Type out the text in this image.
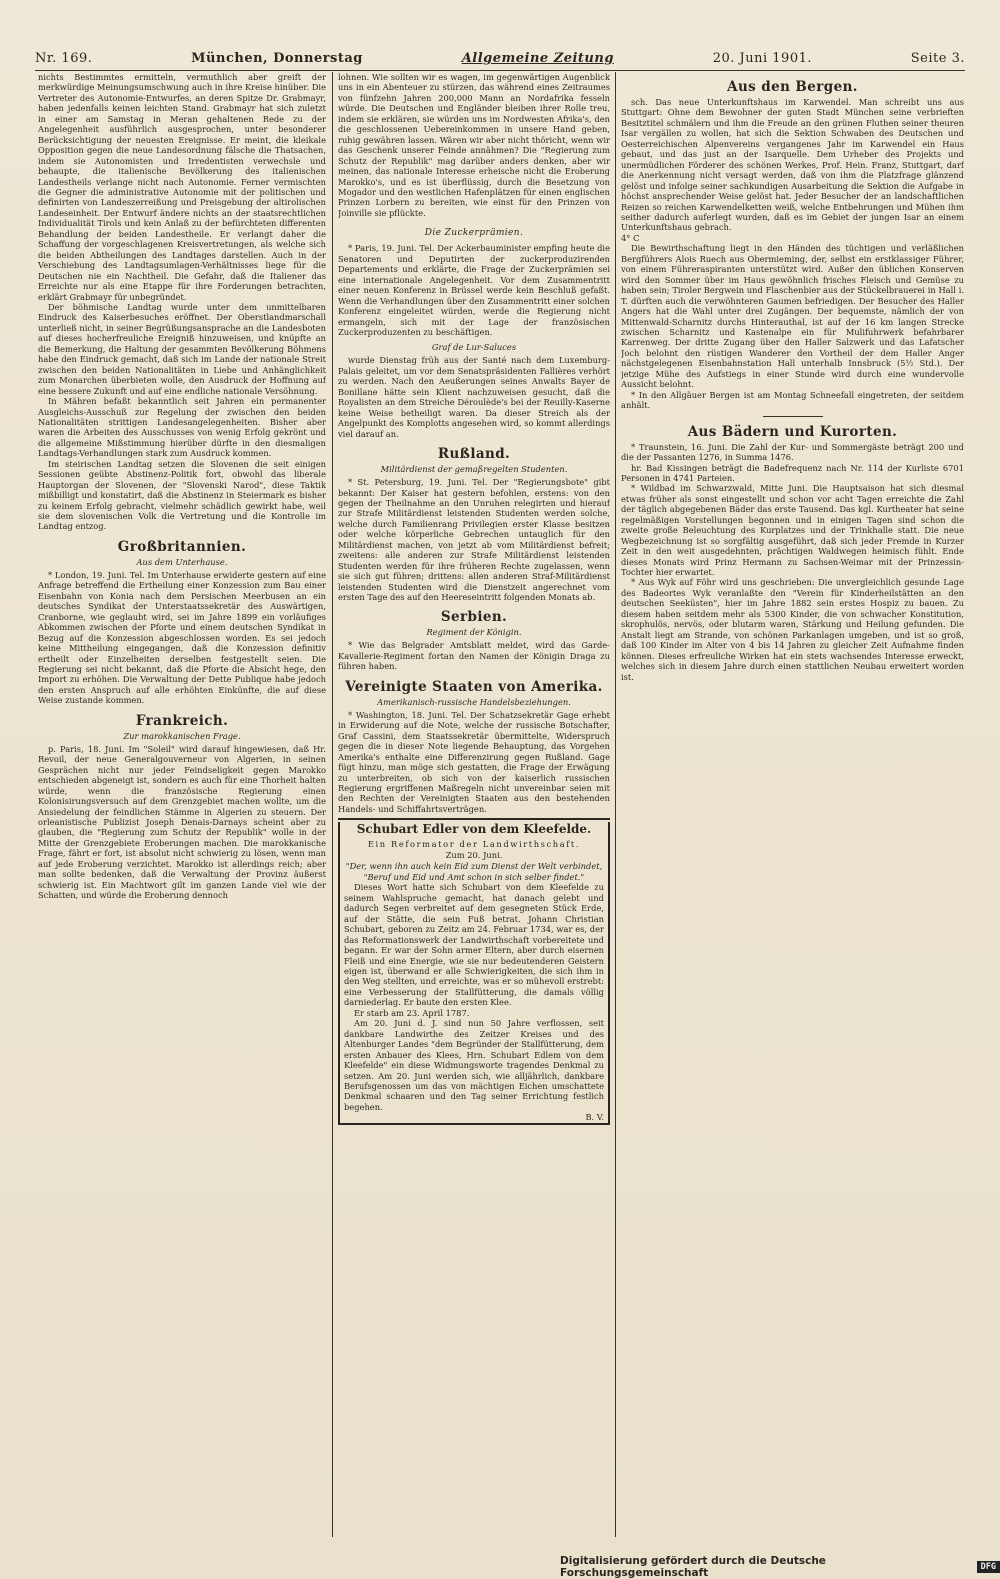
Nr. 169.	München, Donnerstag	Allgemeine Zeitung	20. Juni 1901.	Seite 3.

nichts Bestimmtes ermitteln, vermuthlich aber greift der merkwürdige Meinungsumschwung auch in ihre Kreise hinüber. Die Vertreter des Autonomie-Entwurfes, an deren Spitze Dr. Grabmayr, haben jedenfalls keinen leichten Stand. Grabmayr hat sich zuletzt in einer am Samstag in Meran gehaltenen Rede zu der Angelegenheit ausführlich ausgesprochen, unter besonderer Berücksichtigung der neuesten Ereignisse. Er meint, die kleikale Opposition gegen die neue Landesordnung fälsche die Thatsachen, indem sie Autonomisten und Irredentisten verwechsle und behaupte, die italienische Bevölkerung des italienischen Landestheils verlange nicht nach Autonomie. Ferner vermischten die Gegner die administrative Autonomie mit der politischen und definirten von Landeszerreißung und Preisgebung der altirolischen Landeseinheit. Der Entwurf ändere nichts an der staatsrechtlichen Individualität Tirols und kein Anlaß zu der befürchteten differenten Behandlung der beiden Landestheile. Er verlangt daher die Schaffung der vorgeschlagenen Kreisvertretungen, als welche sich die beiden Abtheilungen des Landtages darstellen. Auch in der Verschiebung des Landtagsumlagen-Verhältnisses liege für die Deutschen nie ein Nachtheil. Die Gefahr, daß die Italiener das Erreichte nur als eine Etappe für ihre Forderungen betrachten, erklärt Grabmayr für unbegründet.

Der böhmische Landtag wurde unter dem unmittelbaren Eindruck des Kaiserbesuches eröffnet. Der Oberstlandmarschall unterließ nicht, in seiner Begrüßungsansprache an die Landesboten auf dieses hocherfreuliche Ereigniß hinzuweisen, und knüpfte an die Bemerkung, die Haltung der gesammten Bevölkerung Böhmens habe den Eindruck gemacht, daß sich im Lande der nationale Streit zwischen den beiden Nationalitäten in Liebe und Anhänglichkeit zum Monarchen überbieten wolle, den Ausdruck der Hoffnung auf eine bessere Zukunft und auf eine endliche nationale Versöhnung.

In Mähren befaßt bekanntlich seit Jahren ein permanenter Ausgleichs-Ausschuß zur Regelung der zwischen den beiden Nationalitäten strittigen Landesangelegenheiten. Bisher aber waren die Arbeiten des Ausschusses von wenig Erfolg gekrönt und die allgemeine Mißstimmung hierüber dürfte in den diesmaligen Landtags-Verhandlungen stark zum Ausdruck kommen.

Im steirischen Landtag setzen die Slovenen die seit einigen Sessionen geübte Abstinenz-Politik fort, obwohl das liberale Hauptorgan der Slovenen, der "Slovenski Narod", diese Taktik mißbilligt und konstatirt, daß die Abstinenz in Steiermark es bisher zu keinem Erfolg gebracht, vielmehr schädlich gewirkt habe, weil sie dem slovenischen Volk die Vertretung und die Kontrolle im Landtag entzog.

Großbritannien.
Aus dem Unterhause.

* London, 19. Juni. Tel. Im Unterhause erwiderte gestern auf eine Anfrage betreffend die Ertheilung einer Konzession zum Bau einer Eisenbahn von Konia nach dem Persischen Meerbusen an ein deutsches Syndikat der Unterstaatssekretär des Auswärtigen, Cranborne, wie geglaubt wird, sei im Jahre 1899 ein vorläufiges Abkommen zwischen der Pforte und einem deutschen Syndikat in Bezug auf die Konzession abgeschlossen worden. Es sei jedoch keine Mittheilung eingegangen, daß die Konzession definitiv ertheilt oder Einzelheiten derselben festgestellt seien. Die Regierung sei nicht bekannt, daß die Pforte die Absicht hege, den Import zu erhöhen. Die Verwaltung der Dette Publique habe jedoch den ersten Anspruch auf alle erhöhten Einkünfte, die auf diese Weise zustande kommen.

Frankreich.
Zur marokkanischen Frage.

p. Paris, 18. Juni. Im "Soleil" wird darauf hingewiesen, daß Hr. Revoil, der neue Generalgouverneur von Algerien, in seinen Gesprächen nicht nur jeder Feindseligkeit gegen Marokko entschieden abgeneigt ist, sondern es auch für eine Thorheit halten würde, wenn die französische Regierung einen Kolonisirungsversuch auf dem Grenzgebiet machen wollte, um die Ansiedelung der feindlichen Stämme in Algerien zu steuern. Der orleanistische Publizist Joseph Denais-Darnays scheint aber zu glauben, die "Regierung zum Schutz der Republik" wolle in der Mitte der Grenzgebiete Eroberungen machen. Die marokkanische Frage, fährt er fort, ist absolut nicht schwierig zu lösen, wenn man auf jede Eroberung verzichtet. Marokko ist allerdings reich; aber man sollte bedenken, daß die Verwaltung der Provinz äußerst schwierig ist. Ein Machtwort gilt im ganzen Lande viel wie der Schatten, und würde die Eroberung dennoch

lohnen. Wie sollten wir es wagen, im gegenwärtigen Augenblick uns in ein Abenteuer zu stürzen, das während eines Zeitraumes von fünfzehn Jahren 200,000 Mann an Nordafrika fesseln würde. Die Deutschen und Engländer bleiben ihrer Rolle treu, indem sie erklären, sie würden uns im Nordwesten Afrika's, den die geschlossenen Uebereinkommen in unsere Hand geben, ruhig gewähren lassen. Wären wir aber nicht thöricht, wenn wir das Geschenk unserer Feinde annähmen? Die "Regierung zum Schutz der Republik" mag darüber anders denken, aber wir meinen, das nationale Interesse erheische nicht die Eroberung Marokko's, und es ist überflüssig, durch die Besetzung von Mogador und den westlichen Hafenplätzen für einen englischen Prinzen Lorbern zu bereiten, wie einst für den Prinzen von Joinville sie pflückte.

Die Zuckerprämien.

* Paris, 19. Juni. Tel. Der Ackerbauminister empfing heute die Senatoren und Deputirten der zuckerproduzirenden Departements und erklärte, die Frage der Zuckerprämien sei eine internationale Angelegenheit. Vor dem Zusammentritt einer neuen Konferenz in Brüssel werde kein Beschluß gefaßt. Wenn die Verhandlungen über den Zusammentritt einer solchen Konferenz eingeleitet würden, werde die Regierung nicht ermangeln, sich mit der Lage der französischen Zuckerproduzenten zu beschäftigen.

Graf de Lur-Saluces

wurde Dienstag früh aus der Santé nach dem Luxemburg-Palais geleitet, um vor dem Senatspräsidenten Fallières verhört zu werden. Nach den Aeußerungen seines Anwalts Bayer de Bonillane hätte sein Klient nachzuweisen gesucht, daß die Royalisten an dem Streiche Déroulède's bei der Reuilly-Kaserne keine Weise betheiligt waren. Da dieser Streich als der Angelpunkt des Komplotts angesehen wird, so kommt allerdings viel darauf an.

Rußland.
Militärdienst der gemaßregelten Studenten.

* St. Petersburg, 19. Juni. Tel. Der "Regierungsbote" gibt bekannt: Der Kaiser hat gestern befohlen, erstens: von den gegen der Theilnahme an den Unruhen relegirten und hierauf zur Strafe Militärdienst leistenden Studenten werden solche, welche durch Familienrang Privilegien erster Klasse besitzen oder welche körperliche Gebrechen untauglich für den Militärdienst machen, von jetzt ab vom Militärdienst befreit; zweitens: alle anderen zur Strafe Militärdienst leistenden Studenten werden für ihre früheren Rechte zugelassen, wenn sie sich gut führen; drittens: allen anderen Straf-Militärdienst leistenden Studenten wird die Dienstzeit angerechnet vom ersten Tage des auf den Heereseintritt folgenden Monats ab.

Serbien.
Regiment der Königin.

* Wie das Belgrader Amtsblatt meldet, wird das Garde-Kavallerie-Regiment fortan den Namen der Königin Draga zu führen haben.

Vereinigte Staaten von Amerika.
Amerikanisch-russische Handelsbeziehungen.

* Washington, 18. Juni. Tel. Der Schatzsekretär Gage erhebt in Erwiderung auf die Note, welche der russische Botschafter, Graf Cassini, dem Staatssekretär übermittelte, Widerspruch gegen die in dieser Note liegende Behauptung, das Vorgehen Amerika's enthalte eine Differenzirung gegen Rußland. Gage fügt hinzu, man möge sich gestatten, die Frage der Erwägung zu unterbreiten, ob sich von der kaiserlich russischen Regierung ergriffenen Maßregeln nicht unvereinbar seien mit den Rechten der Vereinigten Staaten aus den bestehenden Handels- und Schiffahrtsverträgen.

Schubart Edler von dem Kleefelde.
Ein Reformator der Landwirthschaft.
Zum 20. Juni.
"Der, wenn ihn auch kein Eid zum Dienst der Welt verbindet, "Beruf und Eid und Amt schon in sich selber findet."

Dieses Wort hatte sich Schubart von dem Kleefelde zu seinem Wahlspruche gemacht, hat danach gelebt und dadurch Segen verbreitet auf dem gesegneten Stück Erde, auf der Stätte, die sein Fuß betrat. Johann Christian Schubart, geboren zu Zeitz am 24. Februar 1734, war es, der das Reformationswerk der Landwirthschaft vorbereitete und begann. Er war der Sohn armer Eltern, aber durch eisernen Fleiß und eine Energie, wie sie nur bedeutenderen Geistern eigen ist, überwand er alle Schwierigkeiten, die sich ihm in den Weg stellten, und erreichte, was er so mühevoll erstrebt: eine Verbesserung der Stallfütterung, die damals völlig darniederlag. Er baute den ersten Klee.

Er starb am 23. April 1787.

Am 20. Juni d. J. sind nun 50 Jahre verflossen, seit dankbare Landwirthe des Zeitzer Kreises und des Altenburger Landes "dem Begründer der Stallfütterung, dem ersten Anbauer des Klees, Hrn. Schubart Edlem von dem Kleefelde" ein diese Widmungsworte tragendes Denkmal zu setzen. Am 20. Juni werden sich, wie alljährlich, dankbare Berufsgenossen um das von mächtigen Eichen umschattete Denkmal schaaren und den Tag seiner Errichtung festlich begehen.

B. V.
Aus den Bergen.

sch. Das neue Unterkunftshaus im Karwendel. Man schreibt uns aus Stuttgart: Ohne dem Bewohner der guten Stadt München seine verbrieften Besitztitel schmälern und ihm die Freude an den grünen Fluthen seiner theuren Isar vergällen zu wollen, hat sich die Sektion Schwaben des Deutschen und Oesterreichischen Alpenvereins vergangenes Jahr im Karwendel ein Haus gebaut, und das just an der Isarquelle. Dem Urheber des Projekts und unermüdlichen Förderer des schönen Werkes, Prof. Hein. Franz, Stuttgart, darf die Anerkennung nicht versagt werden, daß von ihm die Platzfrage glänzend gelöst und infolge seiner sachkundigen Ausarbeitung die Sektion die Aufgabe in höchst ansprechender Weise gelöst hat. Jeder Besucher der an landschaftlichen Reizen so reichen Karwendelketten weiß, welche Entbehrungen und Mühen ihm seither dadurch auferlegt wurden, daß es im Gebiet der jungen Isar an einem Unterkunftshaus gebrach.

4° C

Die Bewirthschaftung liegt in den Händen des tüchtigen und verläßlichen Bergführers Alois Ruech aus Obermieming, der, selbst ein erstklassiger Führer, von einem Führeraspiranten unterstützt wird. Außer den üblichen Konserven wird den Sommer über im Haus gewöhnlich frisches Fleisch und Gemüse zu haben sein; Tiroler Bergwein und Flaschenbier aus der Stückelbrauerei in Hall i. T. dürften auch die verwöhnteren Gaumen befriedigen. Der Besucher des Haller Angers hat die Wahl unter drei Zugängen. Der bequemste, nämlich der von Mittenwald-Scharnitz durchs Hinterauthal, ist auf der 16 km langen Strecke zwischen Scharnitz und Kastenalpe ein für Mulifuhrwerk befahrbarer Karrenweg. Der dritte Zugang über den Haller Salzwerk und das Lafatscher Joch belohnt den rüstigen Wanderer den Vortheil der dem Haller Anger nächstgelegenen Eisenbahnstation Hall unterhalb Innsbruck (5½ Std.). Der jetzige Mühe des Aufstiegs in einer Stunde wird durch eine wundervolle Aussicht belohnt.

* In den Allgäuer Bergen ist am Montag Schneefall eingetreten, der seitdem anhält.

Aus Bädern und Kurorten.

* Traunstein, 16. Juni. Die Zahl der Kur- und Sommergäste beträgt 200 und die der Passanten 1276, in Summa 1476.

hr. Bad Kissingen beträgt die Badefrequenz nach Nr. 114 der Kurliste 6701 Personen in 4741 Parteien.

* Wildbad im Schwarzwald, Mitte Juni. Die Hauptsaison hat sich diesmal etwas früher als sonst eingestellt und schon vor acht Tagen erreichte die Zahl der täglich abgegebenen Bäder das erste Tausend. Das kgl. Kurtheater hat seine regelmäßigen Vorstellungen begonnen und in einigen Tagen sind schon die zweite große Beleuchtung des Kurplatzes und der Trinkhalle statt. Die neue Wegbezeichnung ist so sorgfältig ausgeführt, daß sich jeder Fremde in Kurzer Zeit in den weit ausgedehnten, prächtigen Waldwegen heimisch fühlt. Ende dieses Monats wird Prinz Hermann zu Sachsen-Weimar mit der Prinzessin-Tochter hier erwartet.

* Aus Wyk auf Föhr wird uns geschrieben: Die unvergleichlich gesunde Lage des Badeortes Wyk veranlaßte den "Verein für Kinderheilstätten an den deutschen Seeküsten", hier im Jahre 1882 sein erstes Hospiz zu bauen. Zu diesem haben seitdem mehr als 5300 Kinder, die von schwacher Konstitution, skrophulös, nervös, oder blutarm waren, Stärkung und Heilung gefunden. Die Anstalt liegt am Strande, von schönen Parkanlagen umgeben, und ist so groß, daß 100 Kinder im Alter von 4 bis 14 Jahren zu gleicher Zeit Aufnahme finden können. Dieses erfreuliche Wirken hat ein stets wachsendes Interesse erweckt, welches sich in diesem Jahre durch einen stattlichen Neubau erweitert worden ist.

Digitalisierung gefördert durch die Deutsche Forschungsgemeinschaft	DFG
